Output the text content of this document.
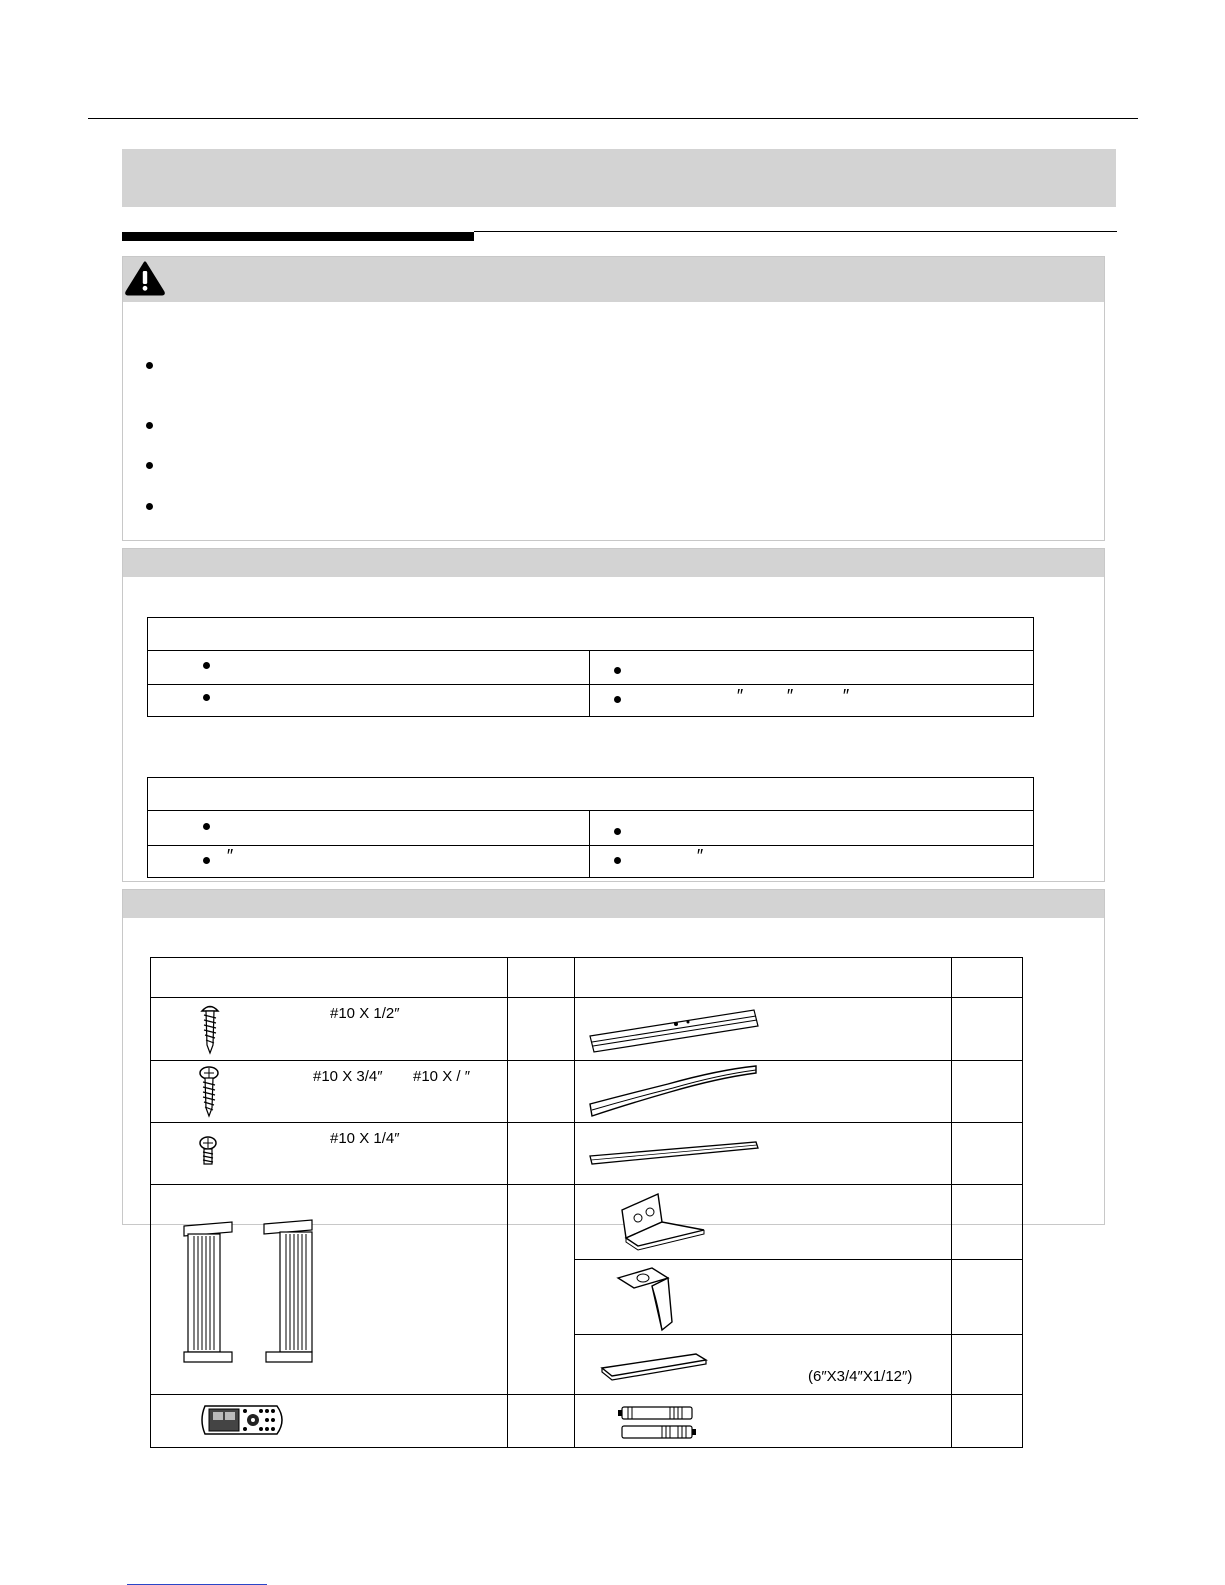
″ ″	″
″	″
#10 X 1/2″
#10 X 3/4″ #10 X / ″
#10 X 1/4″
(6″X3/4″X1/12″)
